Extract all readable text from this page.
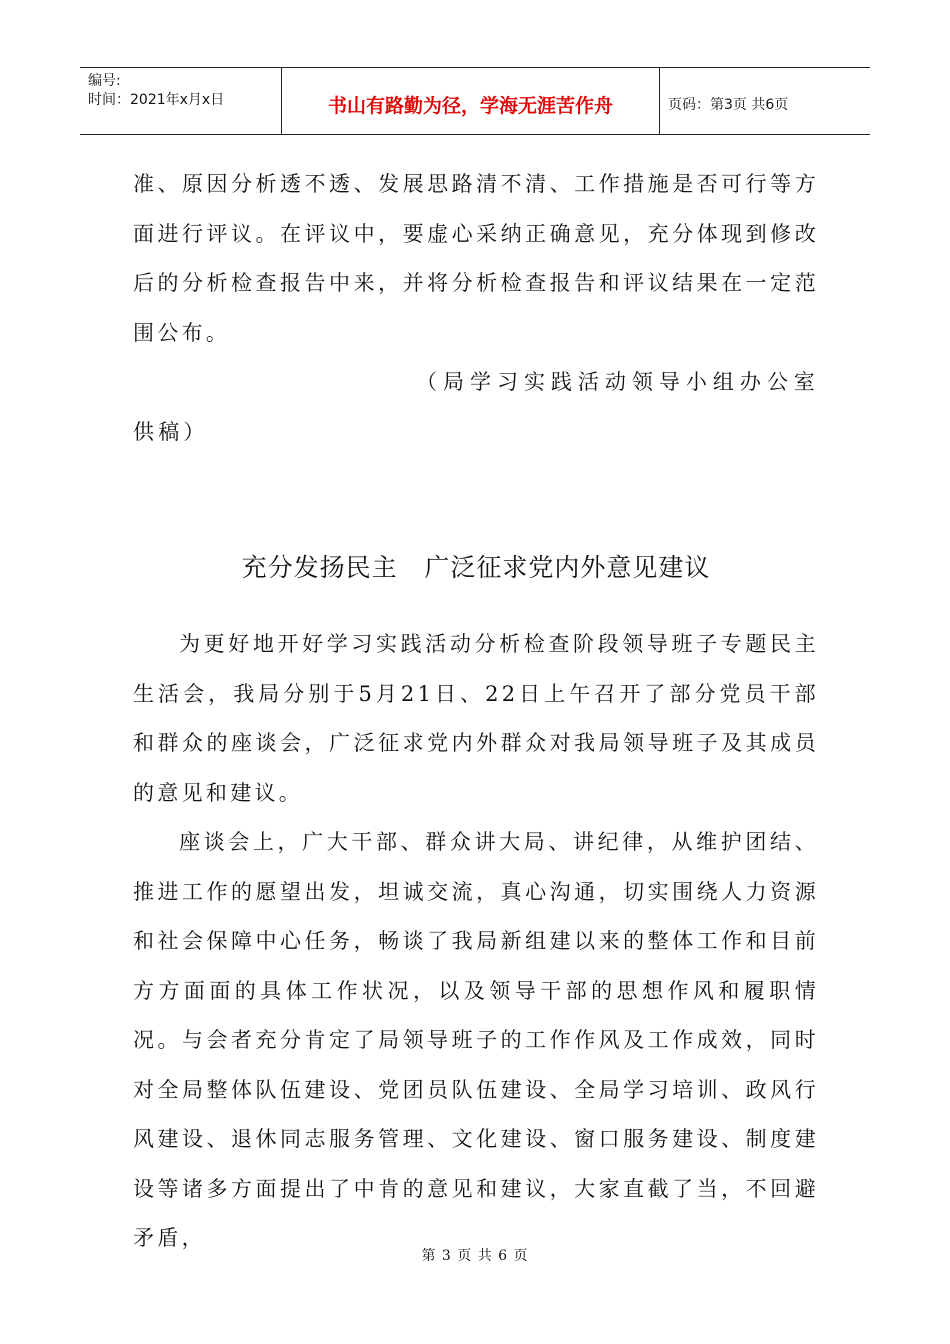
编号:
时间：2021年x月x日	书山有路勤为径，学海无涯苦作舟	页码：第3页 共6页

准、原因分析透不透、发展思路清不清、工作措施是否可行等方面进行评议。在评议中，要虚心采纳正确意见，充分体现到修改后的分析检查报告中来，并将分析检查报告和评议结果在一定范围公布。

（局学习实践活动领导小组办公室供稿）

充分发扬民主   广泛征求党内外意见建议

为更好地开好学习实践活动分析检查阶段领导班子专题民主生活会，我局分别于5月21日、22日上午召开了部分党员干部和群众的座谈会，广泛征求党内外群众对我局领导班子及其成员的意见和建议。

座谈会上，广大干部、群众讲大局、讲纪律，从维护团结、推进工作的愿望出发，坦诚交流，真心沟通，切实围绕人力资源和社会保障中心任务，畅谈了我局新组建以来的整体工作和目前方方面面的具体工作状况，以及领导干部的思想作风和履职情况。与会者充分肯定了局领导班子的工作作风及工作成效，同时对全局整体队伍建设、党团员队伍建设、全局学习培训、政风行风建设、退休同志服务管理、文化建设、窗口服务建设、制度建设等诸多方面提出了中肯的意见和建议，大家直截了当，不回避矛盾，

第 3 页 共 6 页
